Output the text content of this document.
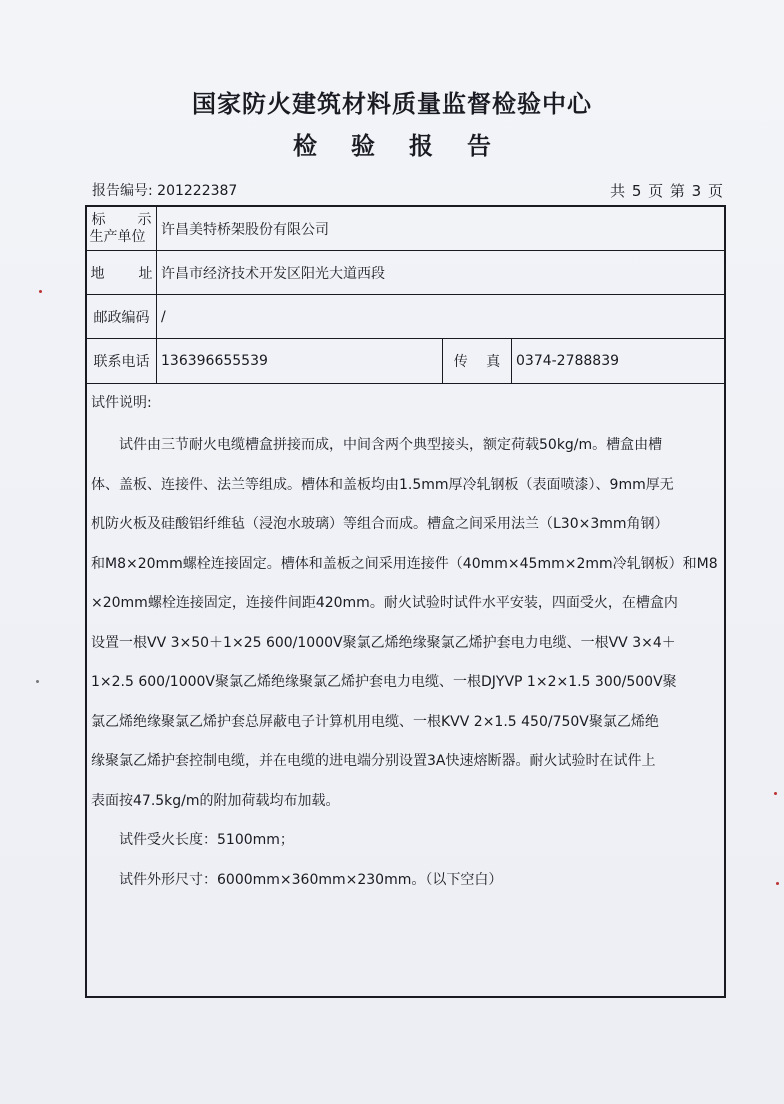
国家防火建筑材料质量监督检验中心
检 验 报 告
报告编号: 201222387	共 5 页 第 3 页
标 示
生产单位	许昌美特桥架股份有限公司
地 址 许昌市经济技术开发区阳光大道西段
邮政编码 /
联系电话 136396655539	传　 真	0374-2788839
试件说明:
试件由三节耐火电缆槽盒拼接而成，中间含两个典型接头，额定荷载50kg/m。槽盒由槽
体、盖板、连接件、法兰等组成。槽体和盖板均由1.5mm厚冷轧钢板（表面喷漆）、9mm厚无
机防火板及硅酸铝纤维毡（浸泡水玻璃）等组合而成。槽盒之间采用法兰（L30×3mm角钢）
和M8×20mm螺栓连接固定。槽体和盖板之间采用连接件（40mm×45mm×2mm冷轧钢板）和M8
×20mm螺栓连接固定，连接件间距420mm。耐火试验时试件水平安装，四面受火，在槽盒内
设置一根VV 3×50＋1×25 600/1000V聚氯乙烯绝缘聚氯乙烯护套电力电缆、一根VV 3×4＋
1×2.5 600/1000V聚氯乙烯绝缘聚氯乙烯护套电力电缆、一根DJYVP 1×2×1.5 300/500V聚
氯乙烯绝缘聚氯乙烯护套总屏蔽电子计算机用电缆、一根KVV 2×1.5 450/750V聚氯乙烯绝
缘聚氯乙烯护套控制电缆，并在电缆的进电端分别设置3A快速熔断器。耐火试验时在试件上
表面按47.5kg/m的附加荷载均布加载。
试件受火长度：5100mm；
试件外形尺寸：6000mm×360mm×230mm。（以下空白）
